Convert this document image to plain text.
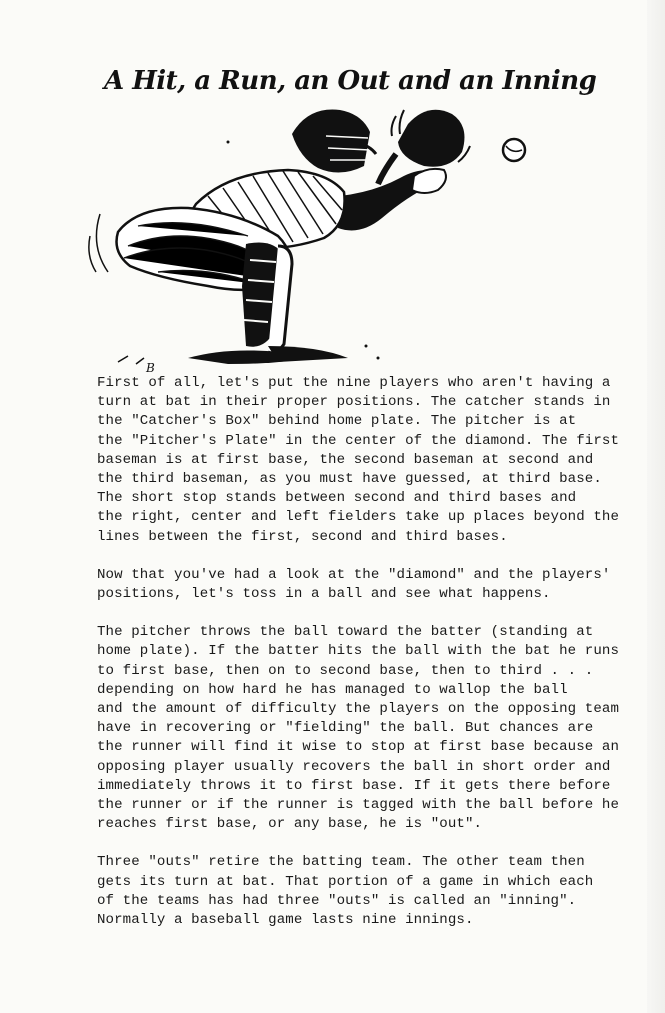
A Hit, a Run, an Out and an Inning
B

First of all, let's put the nine players who aren't having a
turn at bat in their proper positions. The catcher stands in
the "Catcher's Box" behind home plate. The pitcher is at
the "Pitcher's Plate" in the center of the diamond. The first
baseman is at first base, the second baseman at second and
the third baseman, as you must have guessed, at third base.
The short stop stands between second and third bases and
the right, center and left fielders take up places beyond the
lines between the first, second and third bases.

Now that you've had a look at the "diamond" and the players'
positions, let's toss in a ball and see what happens.

The pitcher throws the ball toward the batter (standing at
home plate). If the batter hits the ball with the bat he runs
to first base, then on to second base, then to third . . .
depending on how hard he has managed to wallop the ball
and the amount of difficulty the players on the opposing team
have in recovering or "fielding" the ball. But chances are
the runner will find it wise to stop at first base because an
opposing player usually recovers the ball in short order and
immediately throws it to first base. If it gets there before
the runner or if the runner is tagged with the ball before he
reaches first base, or any base, he is "out".

Three "outs" retire the batting team. The other team then
gets its turn at bat. That portion of a game in which each
of the teams has had three "outs" is called an "inning".
Normally a baseball game lasts nine innings.
